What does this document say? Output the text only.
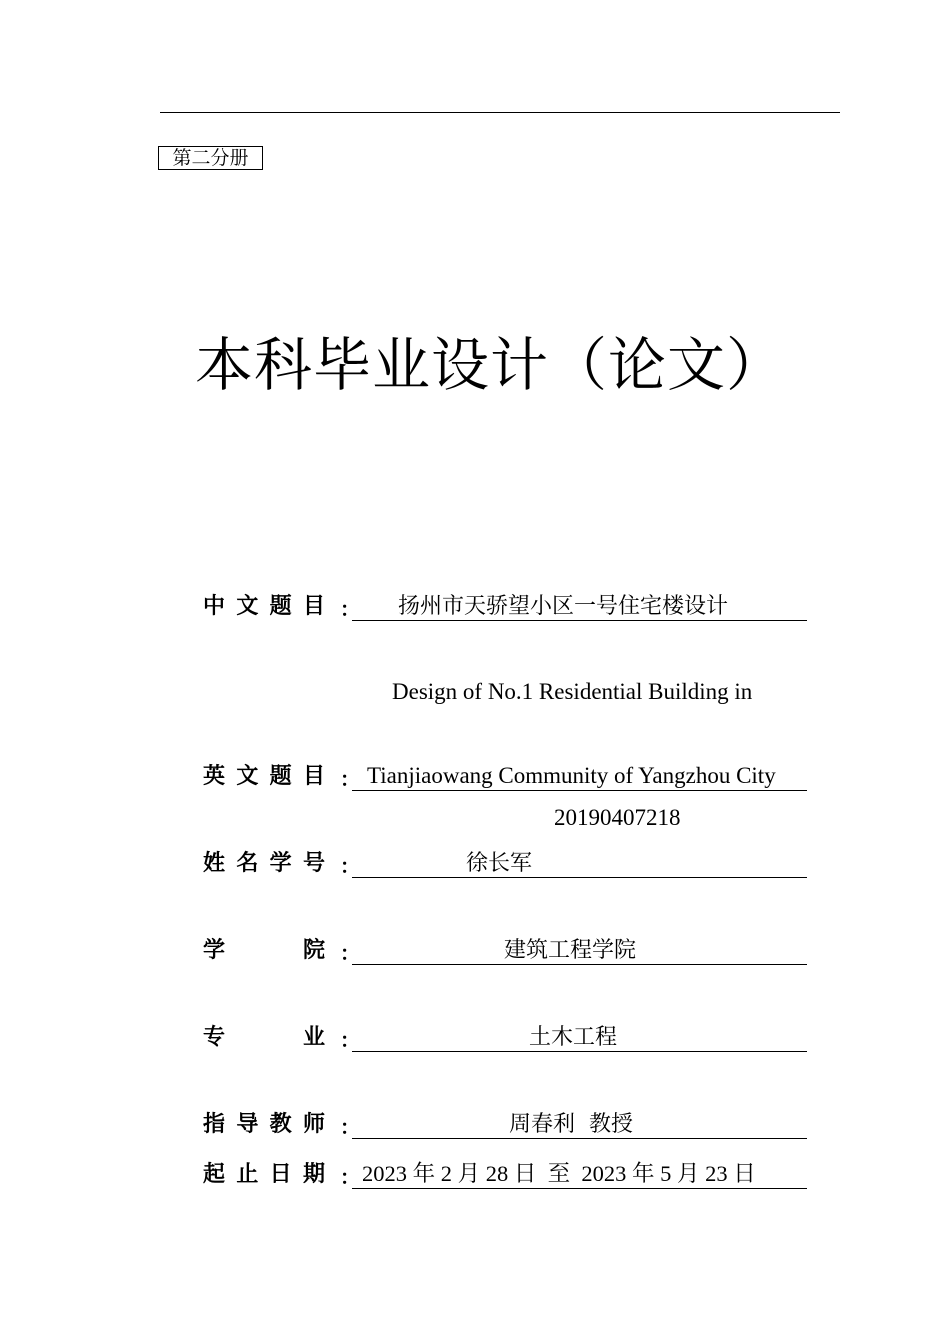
第二分册
本科毕业设计（论文）
中 文 题 目 ： 扬州市天骄望小区一号住宅楼设计
Design of No.1 Residential Building in
英 文 题 目 ： Tianjiaowang Community of Yangzhou City
20190407218
姓 名 学 号 ：	徐长军
学	院 ：	建筑工程学院
专	业 ：	土木工程
指 导 教 师 ：	周春利  教授
起 止 日 期 ： 2023 年 2 月 28 日  至  2023 年 5 月 23 日
